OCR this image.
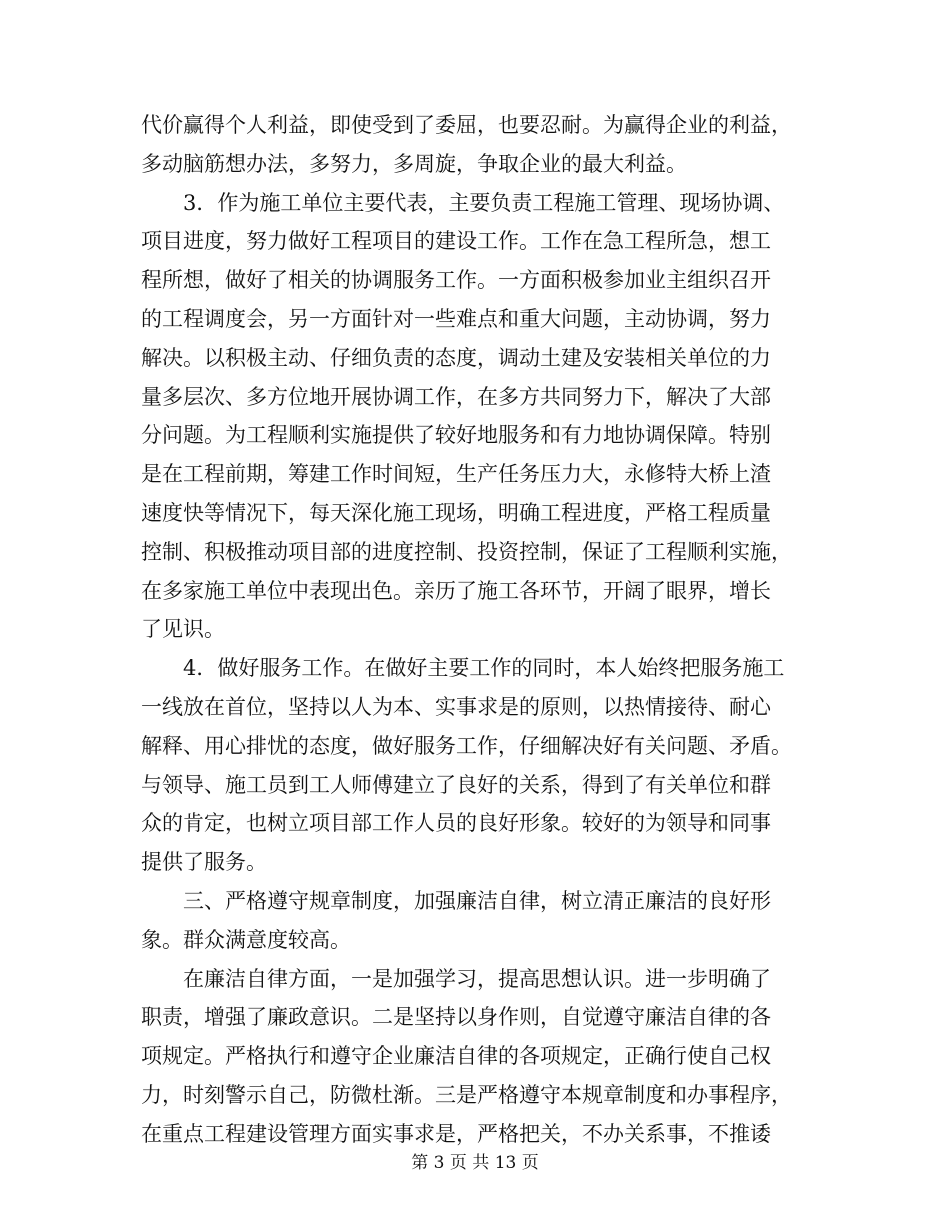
代价赢得个人利益，即使受到了委屈，也要忍耐。为赢得企业的利益，
多动脑筋想办法，多努力，多周旋，争取企业的最大利益。
　　3．作为施工单位主要代表，主要负责工程施工管理、现场协调、
项目进度，努力做好工程项目的建设工作。工作在急工程所急，想工
程所想，做好了相关的协调服务工作。一方面积极参加业主组织召开
的工程调度会，另一方面针对一些难点和重大问题，主动协调，努力
解决。以积极主动、仔细负责的态度，调动土建及安装相关单位的力
量多层次、多方位地开展协调工作，在多方共同努力下，解决了大部
分问题。为工程顺利实施提供了较好地服务和有力地协调保障。特别
是在工程前期，筹建工作时间短，生产任务压力大，永修特大桥上渣
速度快等情况下，每天深化施工现场，明确工程进度，严格工程质量
控制、积极推动项目部的进度控制、投资控制，保证了工程顺利实施，
在多家施工单位中表现出色。亲历了施工各环节，开阔了眼界，增长
了见识。
　　4．做好服务工作。在做好主要工作的同时，本人始终把服务施工
一线放在首位，坚持以人为本、实事求是的原则，以热情接待、耐心
解释、用心排忧的态度，做好服务工作，仔细解决好有关问题、矛盾。
与领导、施工员到工人师傅建立了良好的关系，得到了有关单位和群
众的肯定，也树立项目部工作人员的良好形象。较好的为领导和同事
提供了服务。
　　三、严格遵守规章制度，加强廉洁自律，树立清正廉洁的良好形
象。群众满意度较高。
　　在廉洁自律方面，一是加强学习，提高思想认识。进一步明确了
职责，增强了廉政意识。二是坚持以身作则，自觉遵守廉洁自律的各
项规定。严格执行和遵守企业廉洁自律的各项规定，正确行使自己权
力，时刻警示自己，防微杜渐。三是严格遵守本规章制度和办事程序，
在重点工程建设管理方面实事求是，严格把关，不办关系事，不推诿
第 3 页 共 13 页
